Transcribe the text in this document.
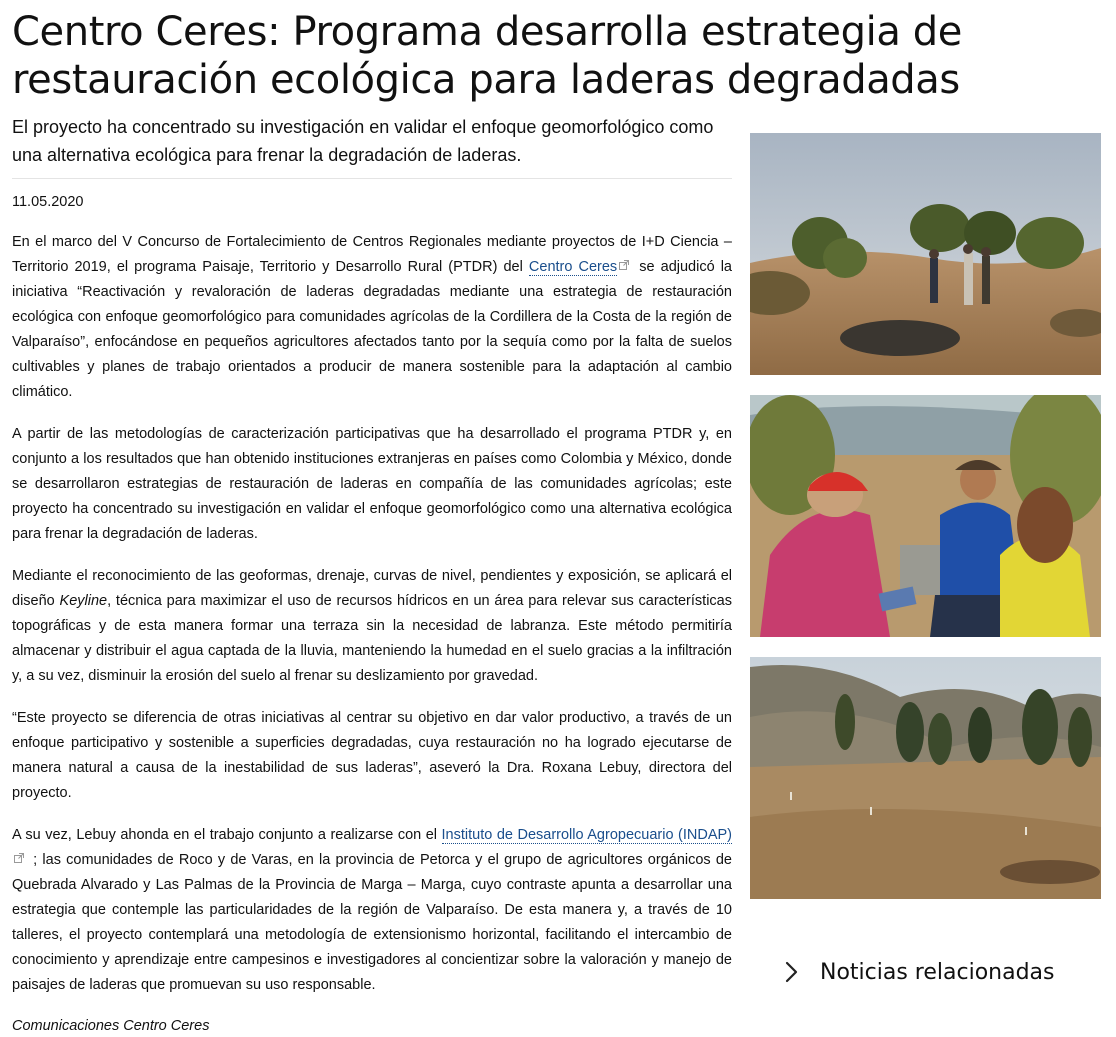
Centro Ceres: Programa desarrolla estrategia de restauración ecológica para laderas degradadas

El proyecto ha concentrado su investigación en validar el enfoque geomorfológico como una alternativa ecológica para frenar la degradación de laderas.

11.05.2020

En el marco del V Concurso de Fortalecimiento de Centros Regionales mediante proyectos de I+D Ciencia – Territorio 2019, el programa Paisaje, Territorio y Desarrollo Rural (PTDR) del Centro Ceres
se adjudicó la iniciativa “Reactivación y revaloración de laderas degradadas mediante una estrategia de restauración ecológica con enfoque geomorfológico para comunidades agrícolas de la Cordillera de la Costa de la región de Valparaíso”, enfocándose en pequeños agricultores afectados tanto por la sequía como por la falta de suelos cultivables y planes de trabajo orientados a producir de manera sostenible para la adaptación al cambio climático.

A partir de las metodologías de caracterización participativas que ha desarrollado el programa PTDR y, en conjunto a los resultados que han obtenido instituciones extranjeras en países como Colombia y México, donde se desarrollaron estrategias de restauración de laderas en compañía de las comunidades agrícolas; este proyecto ha concentrado su investigación en validar el enfoque geomorfológico como una alternativa ecológica para frenar la degradación de laderas.

Mediante el reconocimiento de las geoformas, drenaje, curvas de nivel, pendientes y exposición, se aplicará el diseño Keyline, técnica para maximizar el uso de recursos hídricos en un área para relevar sus características topográficas y de esta manera formar una terraza sin la necesidad de labranza. Este método permitiría almacenar y distribuir el agua captada de la lluvia, manteniendo la humedad en el suelo gracias a la infiltración y, a su vez, disminuir la erosión del suelo al frenar su deslizamiento por gravedad.

“Este proyecto se diferencia de otras iniciativas al centrar su objetivo en dar valor productivo, a través de un enfoque participativo y sostenible a superficies degradadas, cuya restauración no ha logrado ejecutarse de manera natural a causa de la inestabilidad de sus laderas”, aseveró la Dra. Roxana Lebuy, directora del proyecto.

A su vez, Lebuy ahonda en el trabajo conjunto a realizarse con el Instituto de Desarrollo Agropecuario (INDAP)
; las comunidades de Roco y de Varas, en la provincia de Petorca y el grupo de agricultores orgánicos de Quebrada Alvarado y Las Palmas de la Provincia de Marga – Marga, cuyo contraste apunta a desarrollar una estrategia que contemple las particularidades de la región de Valparaíso. De esta manera y, a través de 10 talleres, el proyecto contemplará una metodología de extensionismo horizontal, facilitando el intercambio de conocimiento y aprendizaje entre campesinos e investigadores al concientizar sobre la valoración y manejo de paisajes de laderas que promuevan su uso responsable.

Comunicaciones Centro Ceres

Noticias relacionadas
